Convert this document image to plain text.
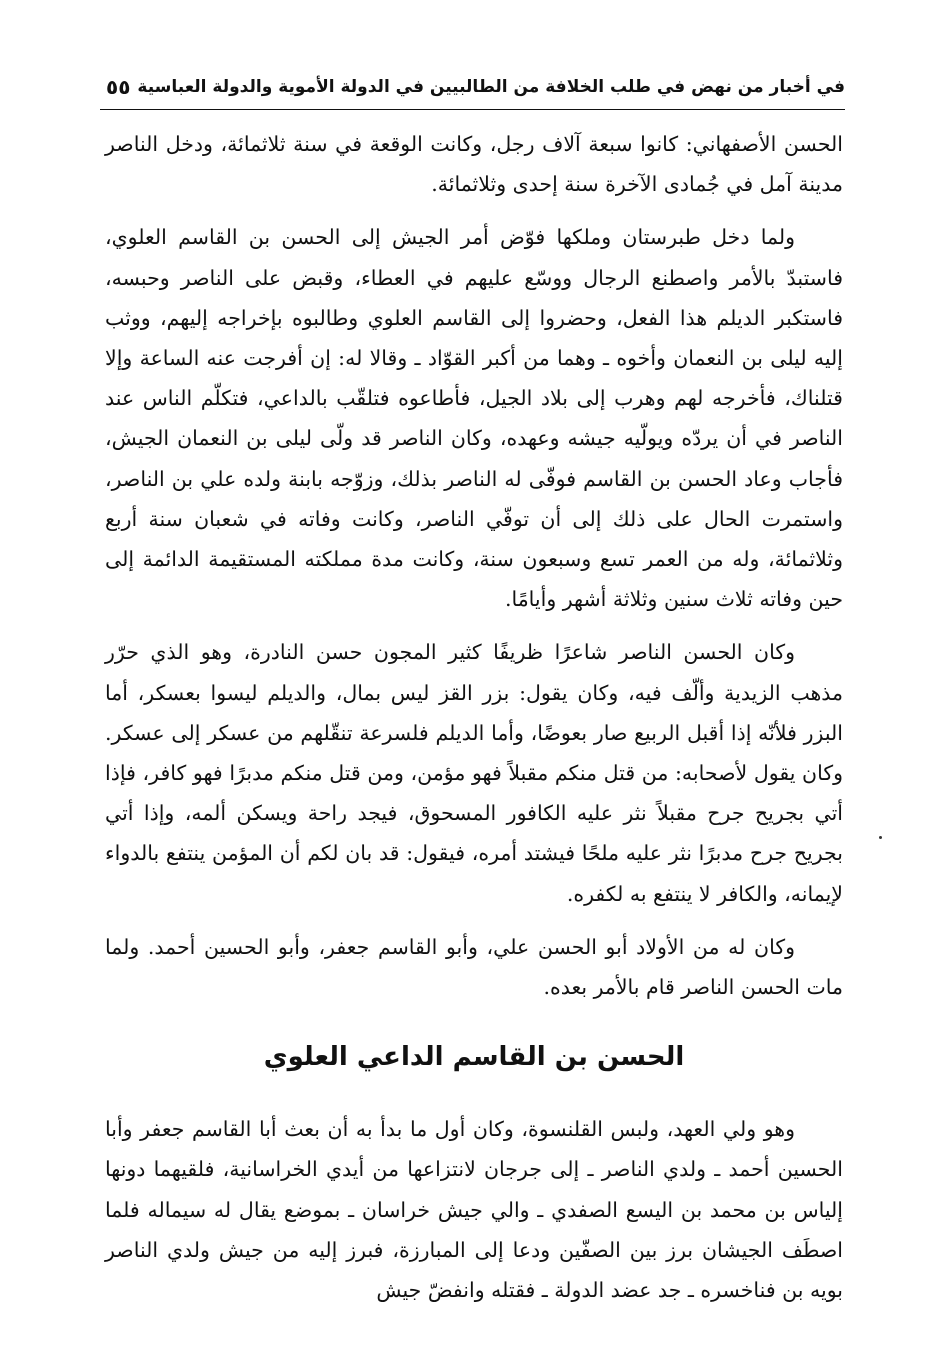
في أخبار من نهض في طلب الخلافة من الطالبيين في الدولة الأموية والدولة العباسية
٥٥

الحسن الأصفهاني: كانوا سبعة آلاف رجل، وكانت الوقعة في سنة ثلاثمائة، ودخل الناصر مدينة آمل في جُمادى الآخرة سنة إحدى وثلاثمائة.

ولما دخل طبرستان وملكها فوّض أمر الجيش إلى الحسن بن القاسم العلوي، فاستبدّ بالأمر واصطنع الرجال ووسّع عليهم في العطاء، وقبض على الناصر وحبسه، فاستكبر الديلم هذا الفعل، وحضروا إلى القاسم العلوي وطالبوه بإخراجه إليهم، ووثب إليه ليلى بن النعمان وأخوه ـ وهما من أكبر القوّاد ـ وقالا له: إن أفرجت عنه الساعة وإلا قتلناك، فأخرجه لهم وهرب إلى بلاد الجيل، فأطاعوه فتلقّب بالداعي، فتكلّم الناس عند الناصر في أن يردّه ويولّيه جيشه وعهده، وكان الناصر قد ولّى ليلى بن النعمان الجيش، فأجاب وعاد الحسن بن القاسم فوفّى له الناصر بذلك، وزوّجه بابنة ولده علي بن الناصر، واستمرت الحال على ذلك إلى أن توفّي الناصر، وكانت وفاته في شعبان سنة أربع وثلاثمائة، وله من العمر تسع وسبعون سنة، وكانت مدة مملكته المستقيمة الدائمة إلى حين وفاته ثلاث سنين وثلاثة أشهر وأيامًا.

وكان الحسن الناصر شاعرًا ظريفًا كثير المجون حسن النادرة، وهو الذي حرّر مذهب الزيدية وألّف فيه، وكان يقول: بزر القز ليس بمال، والديلم ليسوا بعسكر، أما البزر فلأنّه إذا أقبل الربيع صار بعوضًا، وأما الديلم فلسرعة تنقّلهم من عسكر إلى عسكر. وكان يقول لأصحابه: من قتل منكم مقبلاً فهو مؤمن، ومن قتل منكم مدبرًا فهو كافر، فإذا أتي بجريح جرح مقبلاً نثر عليه الكافور المسحوق، فيجد راحة ويسكن ألمه، وإذا أتي بجريح جرح مدبرًا نثر عليه ملحًا فيشتد أمره، فيقول: قد بان لكم أن المؤمن ينتفع بالدواء لإيمانه، والكافر لا ينتفع به لكفره.

وكان له من الأولاد أبو الحسن علي، وأبو القاسم جعفر، وأبو الحسين أحمد. ولما مات الحسن الناصر قام بالأمر بعده.

الحسن بن القاسم الداعي العلوي

وهو ولي العهد، ولبس القلنسوة، وكان أول ما بدأ به أن بعث أبا القاسم جعفر وأبا الحسين أحمد ـ ولدي الناصر ـ إلى جرجان لانتزاعها من أيدي الخراسانية، فلقيهما دونها إلياس بن محمد بن اليسع الصفدي ـ والي جيش خراسان ـ بموضع يقال له سيماله فلما اصطَف الجيشان برز بين الصفّين ودعا إلى المبارزة، فبرز إليه من جيش ولدي الناصر بويه بن فناخسره ـ جد عضد الدولة ـ فقتله وانفضّ جيش
